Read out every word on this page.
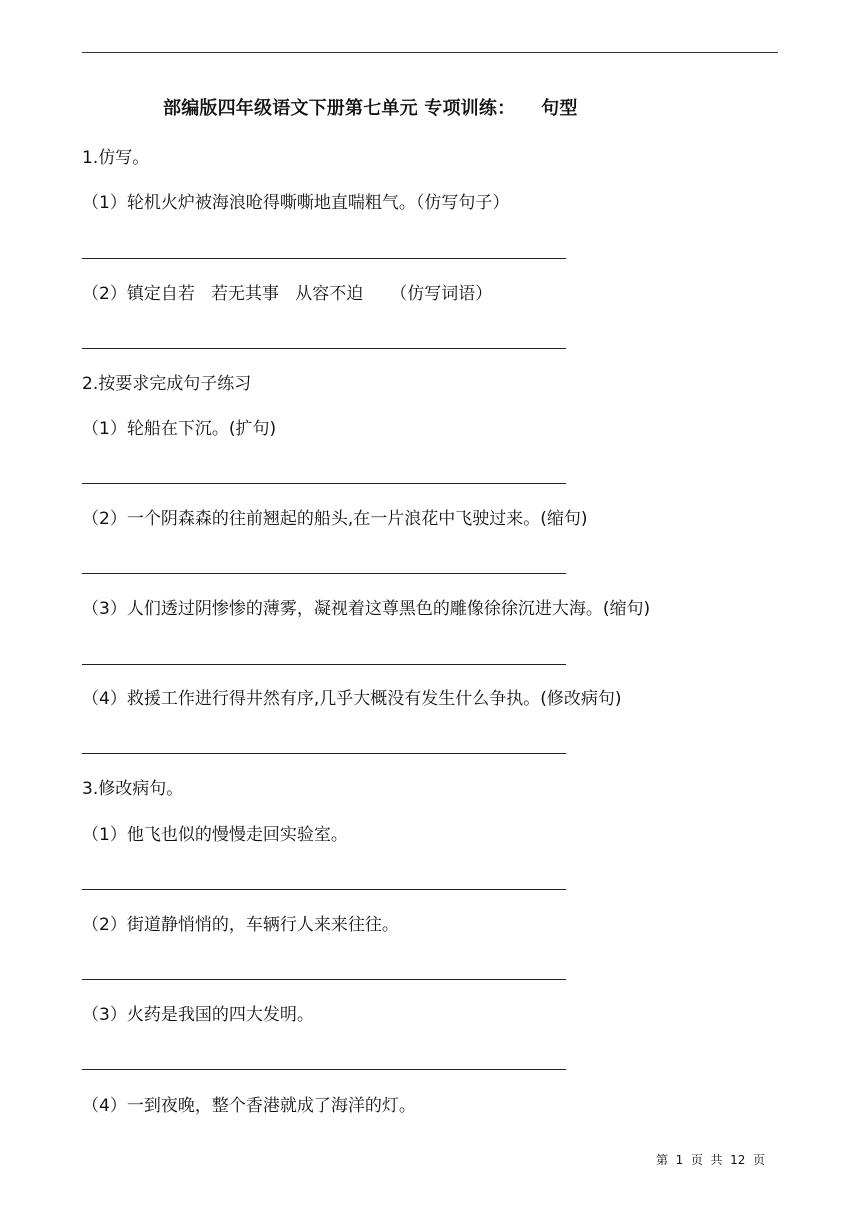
部编版四年级语文下册第七单元 专项训练：    句型
1.仿写。
（1）轮机火炉被海浪呛得嘶嘶地直喘粗气。（仿写句子）
（2）镇定自若   若无其事   从容不迫     （仿写词语）
2.按要求完成句子练习
（1）轮船在下沉。(扩句)
（2）一个阴森森的往前翘起的船头,在一片浪花中飞驶过来。(缩句)
（3）人们透过阴惨惨的薄雾，凝视着这尊黑色的雕像徐徐沉进大海。(缩句)
（4）救援工作进行得井然有序,几乎大概没有发生什么争执。(修改病句)
3.修改病句。
（1）他飞也似的慢慢走回实验室。
（2）街道静悄悄的，车辆行人来来往往。
（3）火药是我国的四大发明。
（4）一到夜晚，整个香港就成了海洋的灯。
第  1  页  共  12  页
